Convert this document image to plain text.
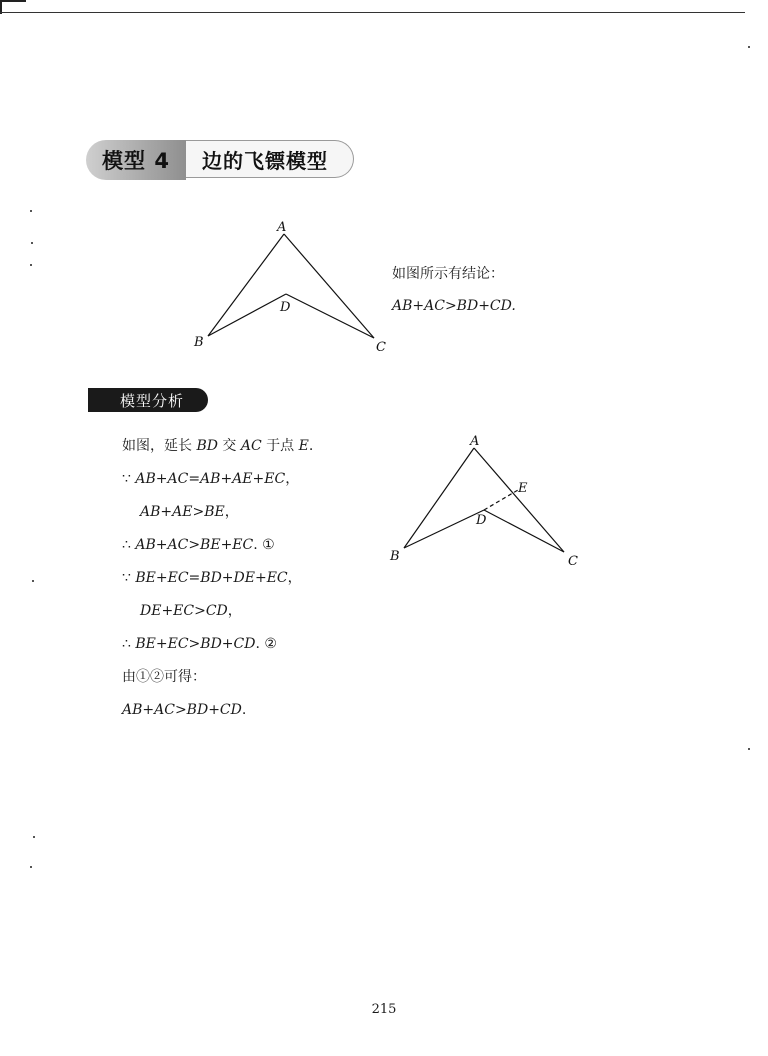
模型 4	边的飞镖模型
A
B	C
D
如图所示有结论：
AB+AC>BD+CD.
模型分析
A
B	C
D
E
如图，延长 BD 交 AC 于点 E.
∵ AB+AC=AB+AE+EC，
AB+AE>BE，
∴ AB+AC>BE+EC. ①
∵ BE+EC=BD+DE+EC，
DE+EC>CD，
∴ BE+EC>BD+CD. ②
由①②可得：
AB+AC>BD+CD.
215
